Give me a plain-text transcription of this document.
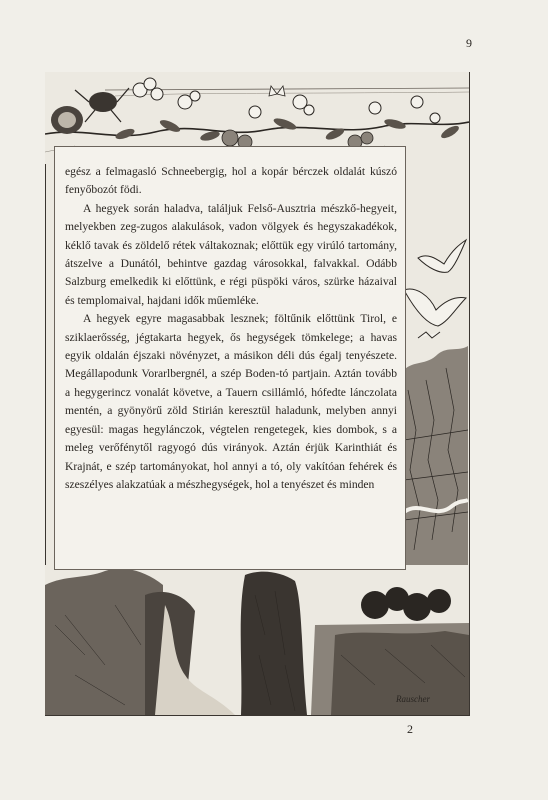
9

egész a felmagasló Schneebergig, hol a kopár bérczek oldalát kúszó fenyőbozót födi.

A hegyek során haladva, találjuk Felső-Ausztria mészkő-hegyeit, melyekben zeg-zugos alakulások, vadon völgyek és hegyszakadékok, kéklő tavak és zöldelő rétek váltakoznak; előttük egy virúló tartomány, átszelve a Dunától, behintve gazdag városokkal, falvakkal. Odább Salzburg emelkedik ki előttünk, e régi püspöki város, szürke házaival és templomaival, hajdani idők műemléke.

A hegyek egyre magasabbak lesznek; föltűnik előttünk Tirol, e sziklaerősség, jégtakarta hegyek, ős hegységek tömkelege; a havas egyik oldalán éjszaki növényzet, a másikon déli dús égalj tenyészete. Megállapodunk Vorarlbergnél, a szép Boden-tó partjain. Aztán tovább a hegygerincz vonalát követve, a Tauern csillámló, hófedte lánczolata mentén, a gyönyörű zöld Stirián keresztül haladunk, melyben annyi egyesül: magas hegylánczok, végtelen rengetegek, kies dombok, s a meleg verőfénytől ragyogó dús virányok. Aztán érjük Karinthiát és Krajnát, e szép tartományokat, hol annyi a tó, oly vakítóan fehérek és szeszélyes alakzatúak a mészhegységek, hol a tenyészet és minden

Rauscher
2
